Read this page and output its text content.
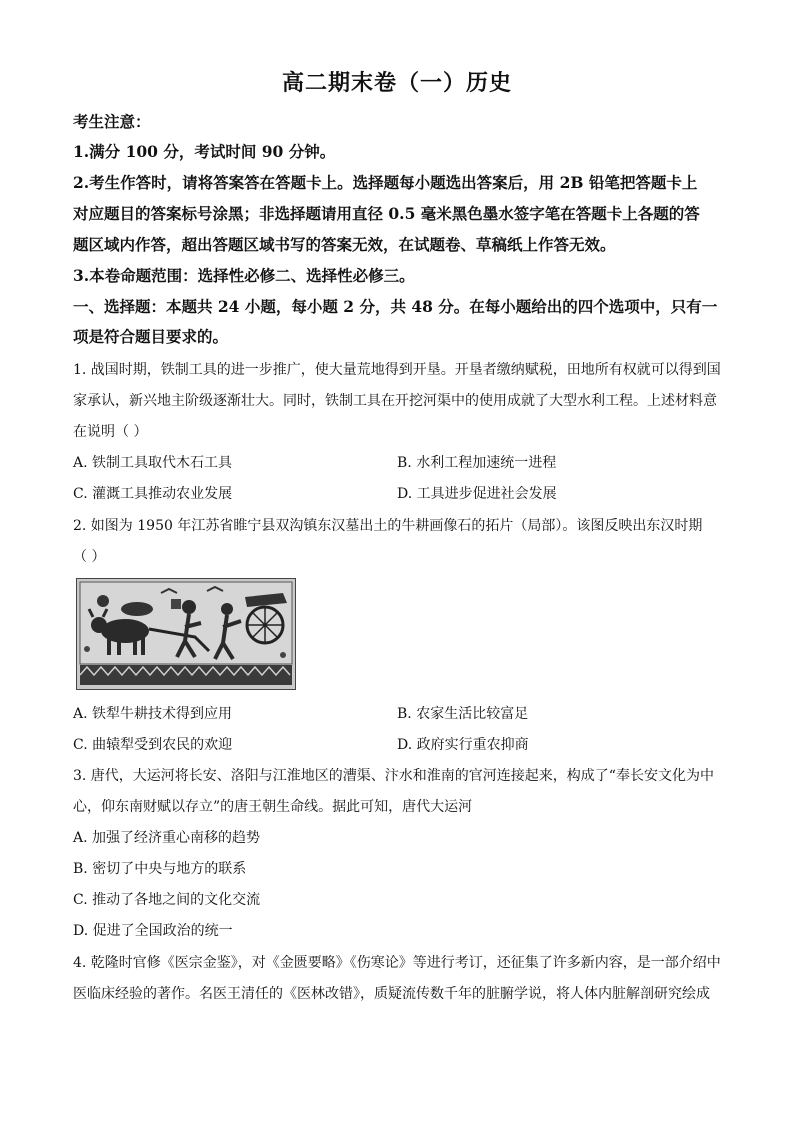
高二期末卷（一）历史
考生注意：
1.满分 100 分，考试时间 90 分钟。
2.考生作答时，请将答案答在答题卡上。选择题每小题选出答案后，用 2B 铅笔把答题卡上
对应题目的答案标号涂黑；非选择题请用直径 0.5 毫米黑色墨水签字笔在答题卡上各题的答
题区域内作答，超出答题区域书写的答案无效，在试题卷、草稿纸上作答无效。
3.本卷命题范围：选择性必修二、选择性必修三。
一、选择题：本题共 24 小题，每小题 2 分，共 48 分。在每小题给出的四个选项中，只有一
项是符合题目要求的。
1. 战国时期，铁制工具的进一步推广，使大量荒地得到开垦。开垦者缴纳赋税，田地所有权就可以得到国
家承认，新兴地主阶级逐渐壮大。同时，铁制工具在开挖河渠中的使用成就了大型水利工程。上述材料意
在说明（ ）
A. 铁制工具取代木石工具	B. 水利工程加速统一进程
C. 灌溉工具推动农业发展	D. 工具进步促进社会发展
2. 如图为 1950 年江苏省睢宁县双沟镇东汉墓出土的牛耕画像石的拓片（局部）。该图反映出东汉时期
（ ）
A. 铁犁牛耕技术得到应用	B. 农家生活比较富足
C. 曲辕犁受到农民的欢迎	D. 政府实行重农抑商
3. 唐代，大运河将长安、洛阳与江淮地区的漕渠、汴水和淮南的官河连接起来，构成了“奉长安文化为中
心，仰东南财赋以存立”的唐王朝生命线。据此可知，唐代大运河
A. 加强了经济重心南移的趋势
B. 密切了中央与地方的联系
C. 推动了各地之间的文化交流
D. 促进了全国政治的统一
4. 乾隆时官修《医宗金鉴》，对《金匮要略》《伤寒论》等进行考订，还征集了许多新内容，是一部介绍中
医临床经验的著作。名医王清任的《医林改错》，质疑流传数千年的脏腑学说，将人体内脏解剖研究绘成
